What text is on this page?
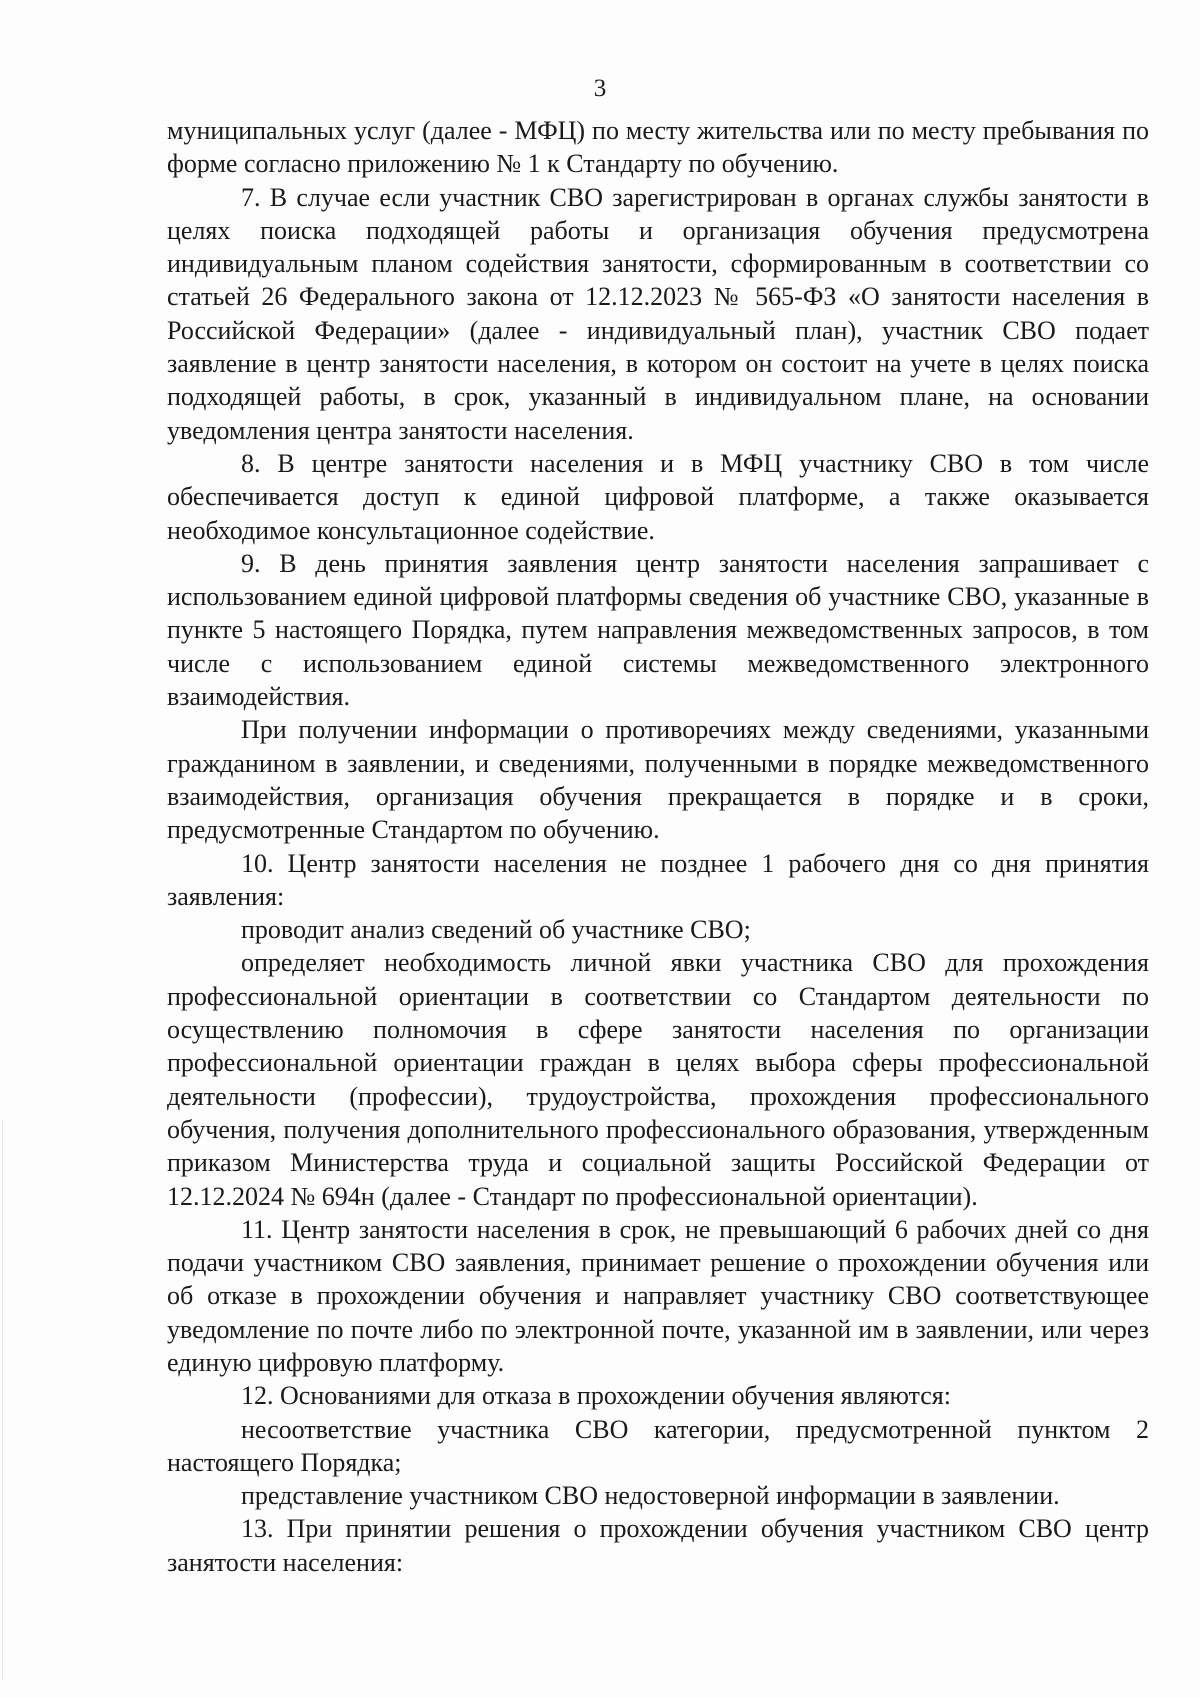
3

муниципальных услуг (далее - МФЦ) по месту жительства или по месту пребывания по форме согласно приложению № 1 к Стандарту по обучению.

7. В случае если участник СВО зарегистрирован в органах службы занятости в целях поиска подходящей работы и организация обучения предусмотрена индивидуальным планом содействия занятости, сформированным в соответствии со статьей 26 Федерального закона от 12.12.2023 № 565-ФЗ «О занятости населения в Российской Федерации» (далее - индивидуальный план), участник СВО подает заявление в центр занятости населения, в котором он состоит на учете в целях поиска подходящей работы, в срок, указанный в индивидуальном плане, на основании уведомления центра занятости населения.

8. В центре занятости населения и в МФЦ участнику СВО в том числе обеспечивается доступ к единой цифровой платформе, а также оказывается необходимое консультационное содействие.

9. В день принятия заявления центр занятости населения запрашивает с использованием единой цифровой платформы сведения об участнике СВО, указанные в пункте 5 настоящего Порядка, путем направления межведомственных запросов, в том числе с использованием единой системы межведомственного электронного взаимодействия.

При получении информации о противоречиях между сведениями, указанными гражданином в заявлении, и сведениями, полученными в порядке межведомственного взаимодействия, организация обучения прекращается в порядке и в сроки, предусмотренные Стандартом по обучению.

10. Центр занятости населения не позднее 1 рабочего дня со дня принятия заявления:

проводит анализ сведений об участнике СВО;

определяет необходимость личной явки участника СВО для прохождения профессиональной ориентации в соответствии со Стандартом деятельности по осуществлению полномочия в сфере занятости населения по организации профессиональной ориентации граждан в целях выбора сферы профессиональной деятельности (профессии), трудоустройства, прохождения профессионального обучения, получения дополнительного профессионального образования, утвержденным приказом Министерства труда и социальной защиты Российской Федерации от 12.12.2024 № 694н (далее - Стандарт по профессиональной ориентации).

11. Центр занятости населения в срок, не превышающий 6 рабочих дней со дня подачи участником СВО заявления, принимает решение о прохождении обучения или об отказе в прохождении обучения и направляет участнику СВО соответствующее уведомление по почте либо по электронной почте, указанной им в заявлении, или через единую цифровую платформу.

12. Основаниями для отказа в прохождении обучения являются:

несоответствие участника СВО категории, предусмотренной пунктом 2 настоящего Порядка;

представление участником СВО недостоверной информации в заявлении.

13. При принятии решения о прохождении обучения участником СВО центр занятости населения:
